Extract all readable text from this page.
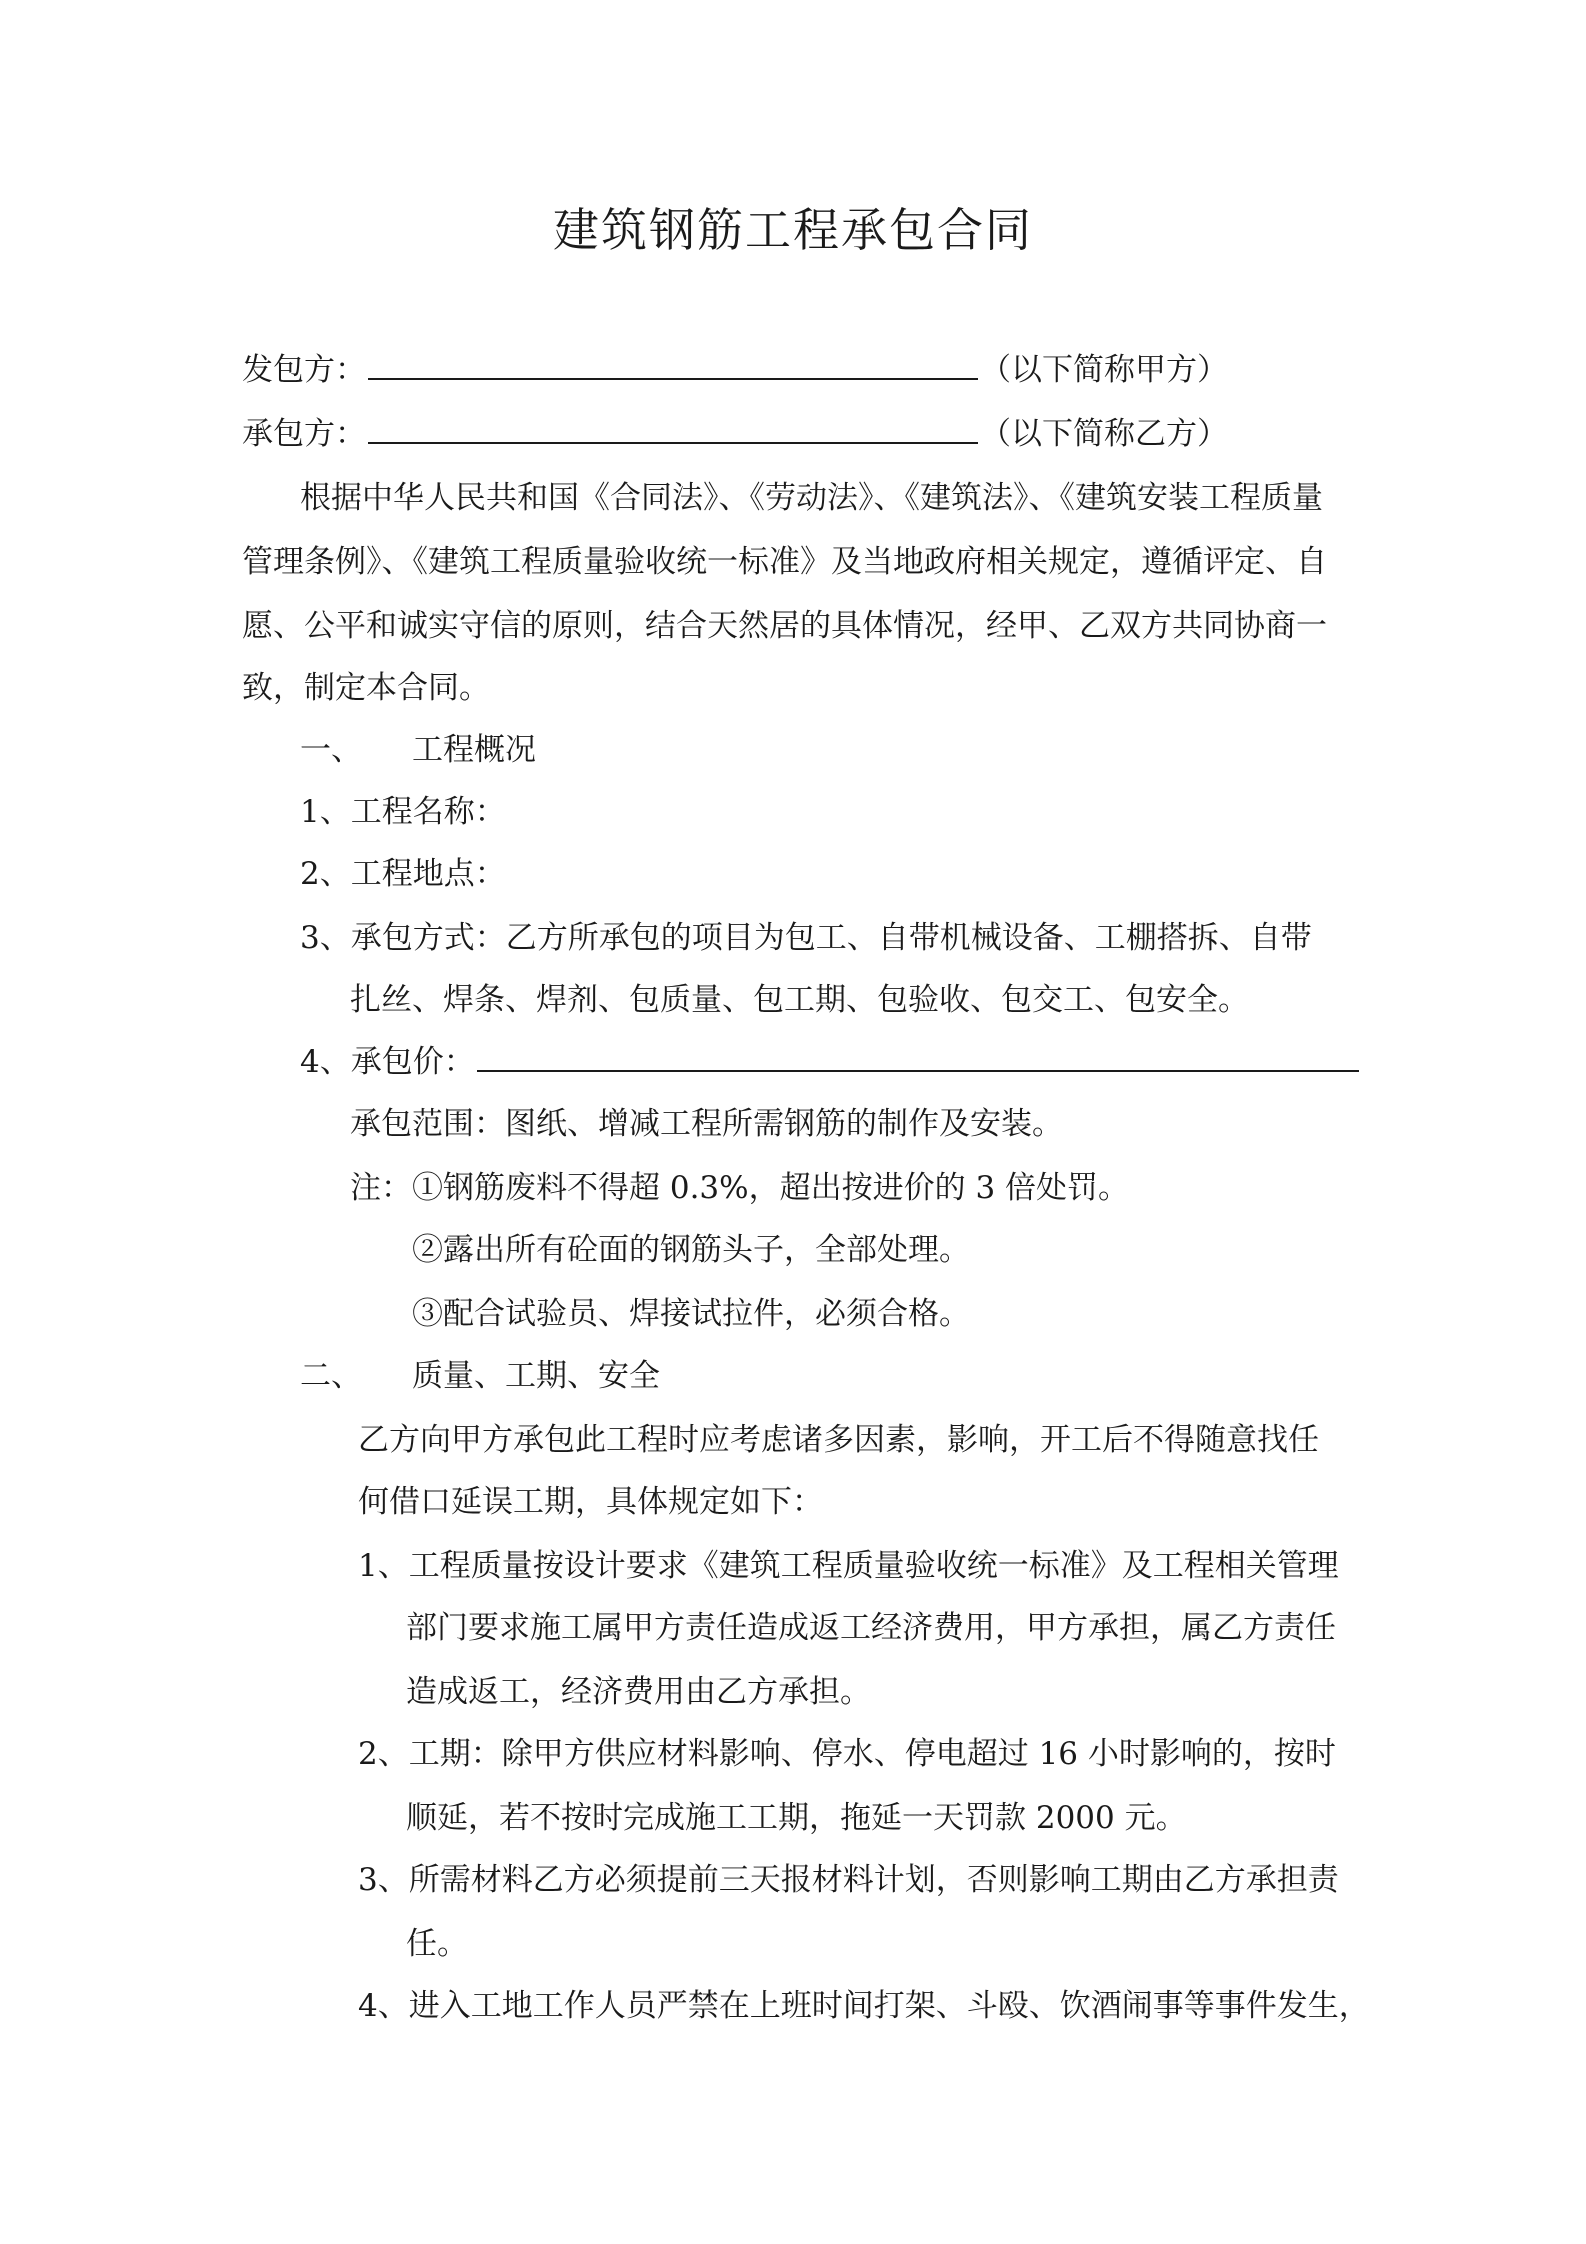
建筑钢筋工程承包合同
发包方：	（以下简称甲方）
承包方：	（以下简称乙方）
根据中华人民共和国《合同法》、《劳动法》、《建筑法》、《建筑安装工程质量
管理条例》、《建筑工程质量验收统一标准》及当地政府相关规定，遵循评定、自
愿、公平和诚实守信的原则，结合天然居的具体情况，经甲、乙双方共同协商一
致，制定本合同。
一、 工程概况
1、工程名称：
2、工程地点：
3、承包方式：乙方所承包的项目为包工、自带机械设备、工棚搭拆、自带
扎丝、焊条、焊剂、包质量、包工期、包验收、包交工、包安全。
4、承包价：
承包范围：图纸、增减工程所需钢筋的制作及安装。
注：①钢筋废料不得超 0.3%，超出按进价的 3 倍处罚。
②露出所有砼面的钢筋头子，全部处理。
③配合试验员、焊接试拉件，必须合格。
二、 质量、工期、安全
乙方向甲方承包此工程时应考虑诸多因素，影响，开工后不得随意找任
何借口延误工期，具体规定如下：
1、工程质量按设计要求《建筑工程质量验收统一标准》及工程相关管理
部门要求施工属甲方责任造成返工经济费用，甲方承担，属乙方责任
造成返工，经济费用由乙方承担。
2、工期：除甲方供应材料影响、停水、停电超过 16 小时影响的，按时
顺延，若不按时完成施工工期，拖延一天罚款 2000 元。
3、所需材料乙方必须提前三天报材料计划，否则影响工期由乙方承担责
任。
4、进入工地工作人员严禁在上班时间打架、斗殴、饮酒闹事等事件发生，
